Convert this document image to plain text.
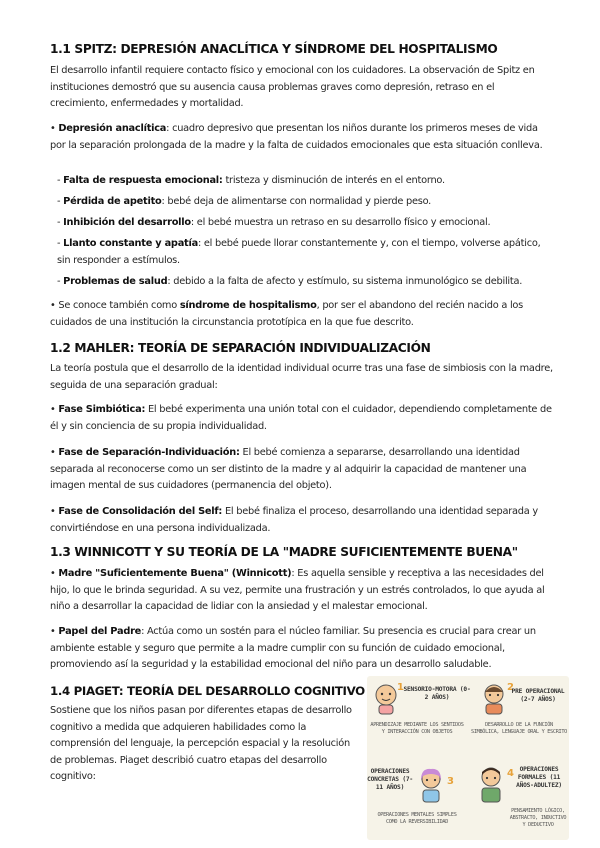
1.1 SPITZ: DEPRESIÓN ANACLÍTICA Y SÍNDROME DEL HOSPITALISMO

El desarrollo infantil requiere contacto físico y emocional con los cuidadores. La observación de Spitz en instituciones demostró que su ausencia causa problemas graves como depresión, retraso en el crecimiento, enfermedades y mortalidad.

• Depresión anaclítica: cuadro depresivo que presentan los niños durante los primeros meses de vida por la separación prolongada de la madre y la falta de cuidados emocionales que esta situación conlleva.

- Falta de respuesta emocional: tristeza y disminución de interés en el entorno.

- Pérdida de apetito: bebé deja de alimentarse con normalidad y pierde peso.

- Inhibición del desarrollo: el bebé muestra un retraso en su desarrollo físico y emocional.

- Llanto constante y apatía: el bebé puede llorar constantemente y, con el tiempo, volverse apático, sin responder a estímulos.

- Problemas de salud: debido a la falta de afecto y estímulo, su sistema inmunológico se debilita.

• Se conoce también como síndrome de hospitalismo, por ser el abandono del recién nacido a los cuidados de una institución la circunstancia prototípica en la que fue descrito.

1.2 MAHLER: TEORÍA DE SEPARACIÓN INDIVIDUALIZACIÓN

La teoría postula que el desarrollo de la identidad individual ocurre tras una fase de simbiosis con la madre, seguida de una separación gradual:

• Fase Simbiótica: El bebé experimenta una unión total con el cuidador, dependiendo completamente de él y sin conciencia de su propia individualidad.

• Fase de Separación-Individuación: El bebé comienza a separarse, desarrollando una identidad separada al reconocerse como un ser distinto de la madre y al adquirir la capacidad de mantener una imagen mental de sus cuidadores (permanencia del objeto).

• Fase de Consolidación del Self: El bebé finaliza el proceso, desarrollando una identidad separada y convirtiéndose en una persona individualizada.

1.3 WINNICOTT Y SU TEORÍA DE LA "MADRE SUFICIENTEMENTE BUENA"

• Madre "Suficientemente Buena" (Winnicott): Es aquella sensible y receptiva a las necesidades del hijo, lo que le brinda seguridad. A su vez, permite una frustración y un estrés controlados, lo que ayuda al niño a desarrollar la capacidad de lidiar con la ansiedad y el malestar emocional.

• Papel del Padre: Actúa como un sostén para el núcleo familiar. Su presencia es crucial para crear un ambiente estable y seguro que permite a la madre cumplir con su función de cuidado emocional, promoviendo así la seguridad y la estabilidad emocional del niño para un desarrollo saludable.

1.4 PIAGET: TEORÍA DEL DESARROLLO COGNITIVO

Sostiene que los niños pasan por diferentes etapas de desarrollo cognitivo a medida que adquieren habilidades como la comprensión del lenguaje, la percepción espacial y la resolución de problemas. Piaget describió cuatro etapas del desarrollo cognitivo:

1 SENSORIO-MOTORA (0-2 AÑOS)
APRENDIZAJE MEDIANTE LOS SENTIDOS Y INTERACCIÓN CON OBJETOS
2
PRE OPERACIONAL (2-7 AÑOS)
DESARROLLO DE LA FUNCIÓN SIMBÓLICA, LENGUAJE ORAL Y ESCRITO
OPERACIONES CONCRETAS (7-11 AÑOS)
3
OPERACIONES MENTALES SIMPLES COMO LA REVERSIBILIDAD
4 OPERACIONES FORMALES (11 AÑOS-ADULTEZ)
PENSAMIENTO LÓGICO, ABSTRACTO, INDUCTIVO Y DEDUCTIVO
